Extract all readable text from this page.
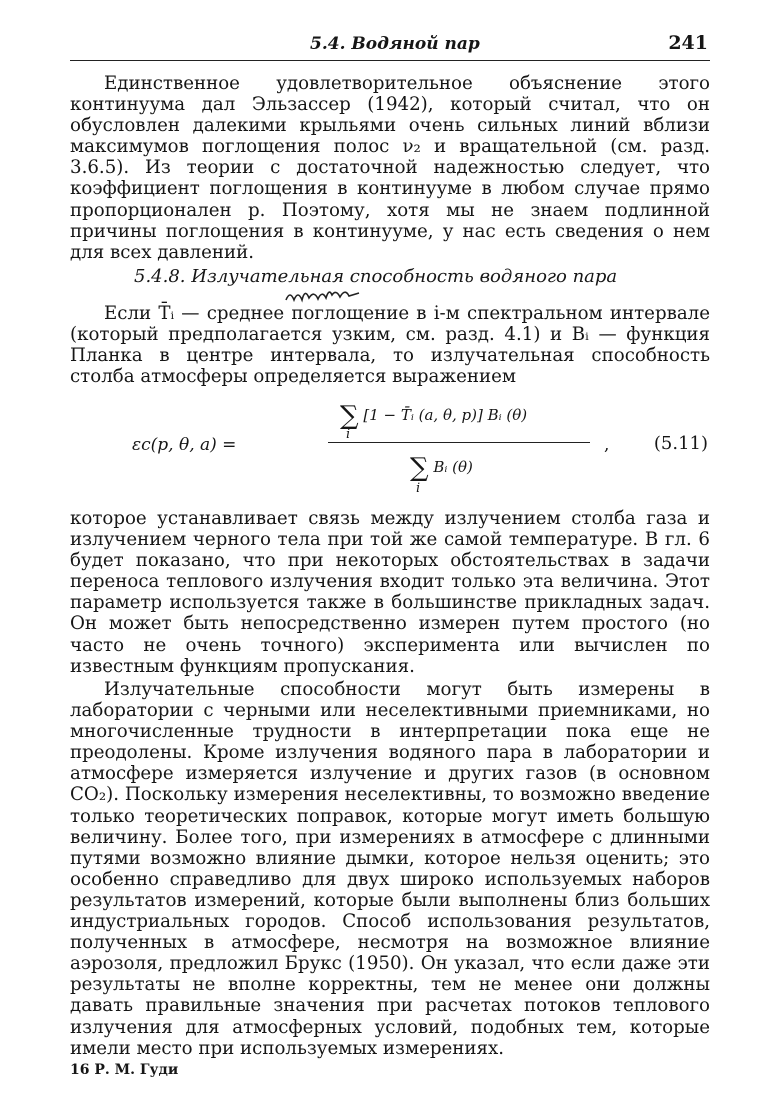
5.4. Водяной пар	241

Единственное удовлетворительное объяснение этого континуума дал Эльзассер (1942), который считал, что он обусловлен далекими крыльями очень сильных линий вблизи максимумов поглощения полос ν₂ и вращательной (см. разд. 3.6.5). Из теории с достаточной надежностью следует, что коэффициент поглощения в континууме в любом случае прямо пропорционален p. Поэтому, хотя мы не знаем подлинной причины поглощения в континууме, у нас есть сведения о нем для всех давлений.

5.4.8. Излучательная способность водяного пара

Если T̄ᵢ — среднее поглощение в i-м спектральном интервале (который предполагается узким, см. разд. 4.1) и Bᵢ — функция Планка в центре интервала, то излучательная способность столба атмосферы определяется выражением

εc(p, θ, a) =
∑ [1 − T̄ᵢ (a, θ, p)] Bᵢ (θ)
i
∑ Bᵢ (θ)
i
, (5.11)

которое устанавливает связь между излучением столба газа и излучением черного тела при той же самой температуре. В гл. 6 будет показано, что при некоторых обстоятельствах в задачи переноса теплового излучения входит только эта величина. Этот параметр используется также в большинстве прикладных задач. Он может быть непосредственно измерен путем простого (но часто не очень точного) эксперимента или вычислен по известным функциям пропускания.

Излучательные способности могут быть измерены в лаборатории с черными или неселективными приемниками, но многочисленные трудности в интерпретации пока еще не преодолены. Кроме излучения водяного пара в лаборатории и атмосфере измеряется излучение и других газов (в основном CO₂). Поскольку измерения неселективны, то возможно введение только теоретических поправок, которые могут иметь большую величину. Более того, при измерениях в атмосфере с длинными путями возможно влияние дымки, которое нельзя оценить; это особенно справедливо для двух широко используемых наборов результатов измерений, которые были выполнены близ больших индустриальных городов. Способ использования результатов, полученных в атмосфере, несмотря на возможное влияние аэрозоля, предложил Брукс (1950). Он указал, что если даже эти результаты не вполне корректны, тем не менее они должны давать правильные значения при расчетах потоков теплового излучения для атмосферных условий, подобных тем, которые имели место при используемых измерениях.

16 Р. М. Гуди
